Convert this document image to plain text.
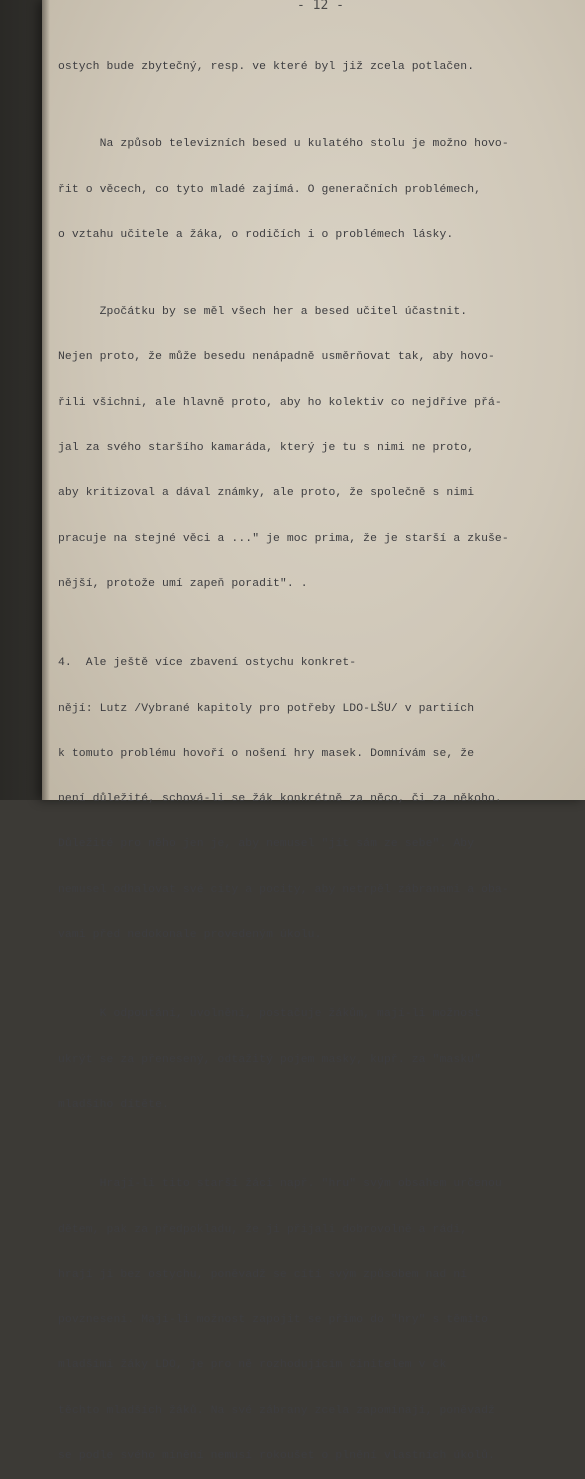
- 12 -

ostych bude zbytečný, resp. ve které byl již zcela potlačen.

Na způsob televizních besed u kulatého stolu je možno hovo-

řit o věcech, co tyto mladé zajímá. O generačních problémech,

o vztahu učitele a žáka, o rodičích i o problémech lásky.

Zpočátku by se měl všech her a besed učitel účastnit.

Nejen proto, že může besedu nenápadně usměrňovat tak, aby hovo-

řili všichni, ale hlavně proto, aby ho kolektiv co nejdříve přá-

jal za svého staršího kamaráda, který je tu s nimi ne proto,

aby kritizoval a dával známky, ale proto, že společně s nimi

pracuje na stejné věci a ..." je moc prima, že je starší a zkuše-

nější, protože umí zapeň poradit". .

4.  Ale ještě více zbavení ostychu konkret-

nějí: Lutz /Vybrané kapitoly pro potřeby LDO-LŠU/ v partiích

k tomuto problému hovoří o nošení hry masek. Domnívám se, že

není důležité, schová-li se žák konkrétně za něco, či za někoho.

Důležité pro něho jen je, aby nemusel "jít sám ze sebe". Aby

nemusel odhalovat své city a pocity, aby netrpěl zábranami a oba-

vami před nedokonale provedeným úkolu.

K odpoutání, uvolnění, postačuje žákům, mají-li možnost

ukrýt se za přenesený, odtažitý pojem masky, kupř. za "masku"

mladšího dítěte.

Hrají-li tito starší žáci např. "hru" svým obsahem určenou

dětem, pak za předpokladu, že ji přijali dobrovolně a rádi,

hrají ji bez ostychu, poněvadž se cítí svým způsobem nad ní

povznesení. Mají-li možnost zapojit se přímo do "hry" s těmito

mladšími žáky LDO, je pro ně rozhodujícím činitelem v čk

těchto mladších žáků. Na své zábrany zcela zapomínají, poněvadž

se podle svého mínění nemusí rokoušet o plnění vlastních úkolů.
